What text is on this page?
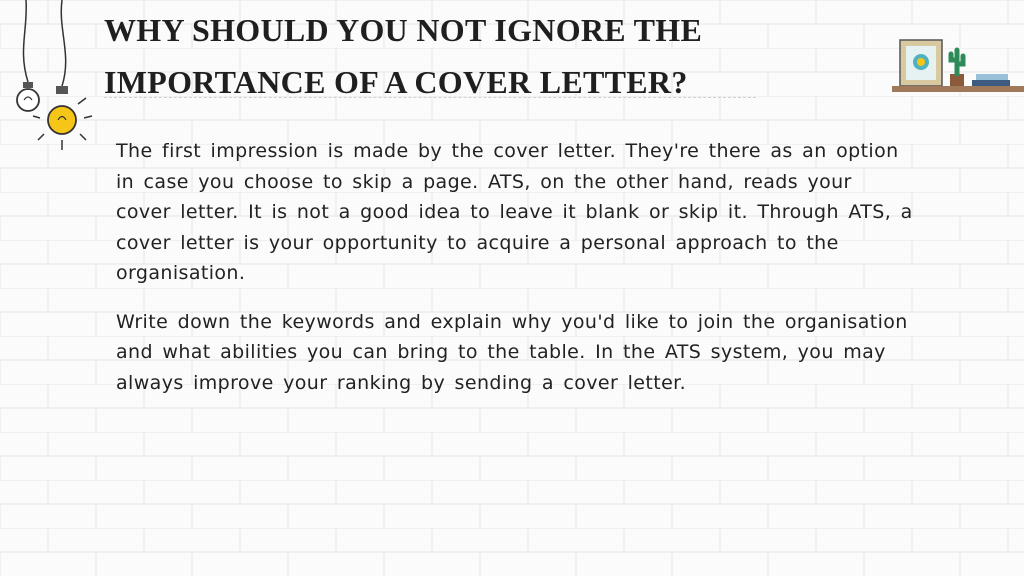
WHY SHOULD YOU NOT IGNORE THE
IMPORTANCE OF A COVER LETTER?

The first impression is made by the cover letter. They're there as an option in case you choose to skip a page. ATS, on the other hand, reads your cover letter. It is not a good idea to leave it blank or skip it. Through ATS, a cover letter is your opportunity to acquire a personal approach to the organisation.

Write down the keywords and explain why you'd like to join the organisation and what abilities you can bring to the table. In the ATS system, you may always improve your ranking by sending a cover letter.
